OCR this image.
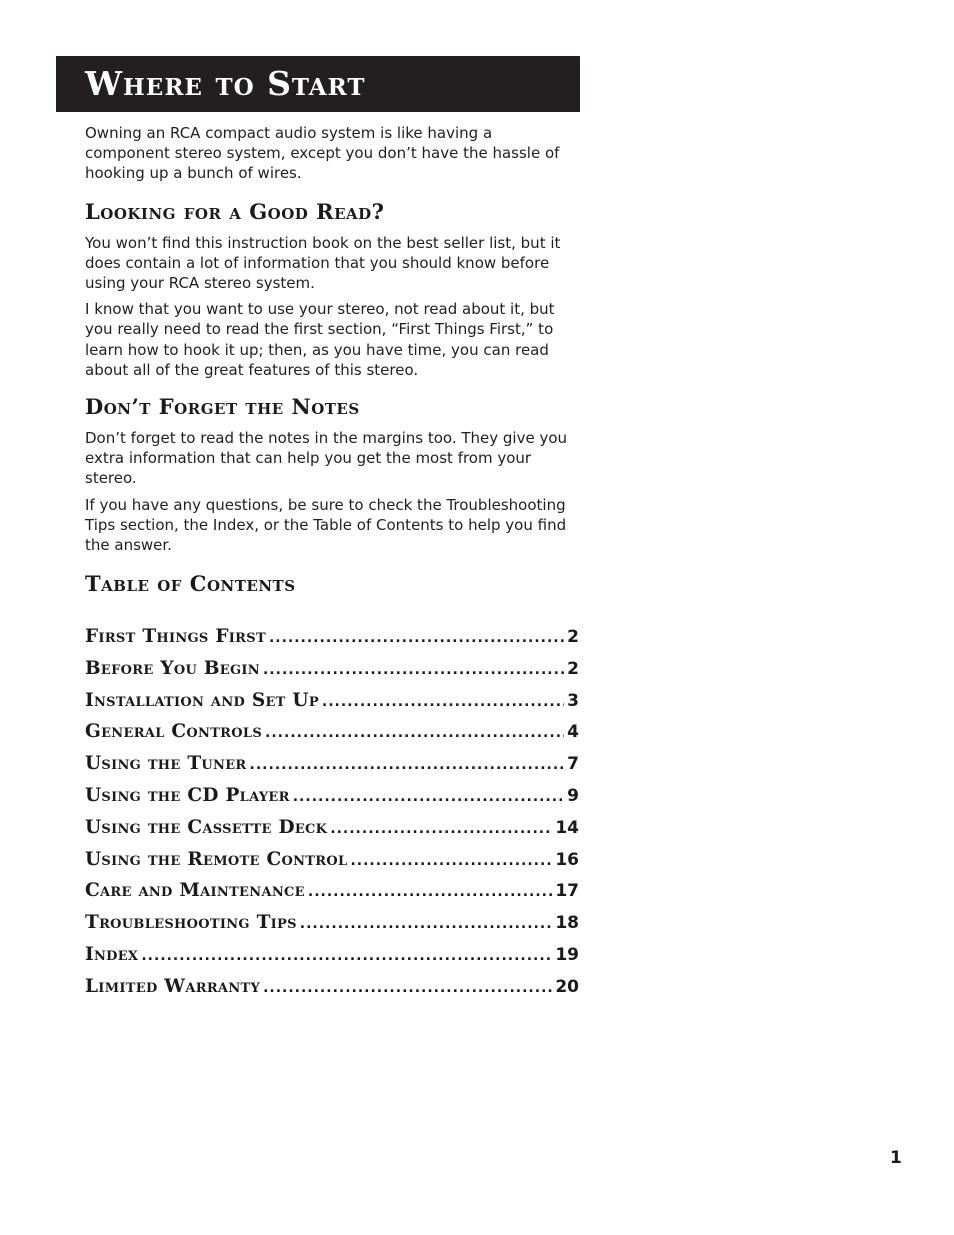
Where to Start

Owning an RCA compact audio system is like having a component stereo system, except you don’t have the hassle of hooking up a bunch of wires.

Looking for a Good Read?

You won’t find this instruction book on the best seller list, but it does contain a lot of information that you should know before using your RCA stereo system.

I know that you want to use your stereo, not read about it, but you really need to read the first section, “First Things First,” to learn how to hook it up; then, as you have time, you can read about all of the great features of this stereo.

Don’t Forget the Notes

Don’t forget to read the notes in the margins too. They give you extra information that can help you get the most from your stereo.

If you have any questions, be sure to check the Troubleshooting Tips section, the Index, or the Table of Contents to help you find the answer.

Table of Contents
First Things First .....	2
Before You Begin .....	2
Installation and Set Up .....	3
General Controls .....	4
Using the Tuner .....	7
Using the CD Player .....	9
Using the Cassette Deck .....	14
Using the Remote Control .....	16
Care and Maintenance .....	17
Troubleshooting Tips .....	18
Index .....	19
Limited Warranty .....	20
1
